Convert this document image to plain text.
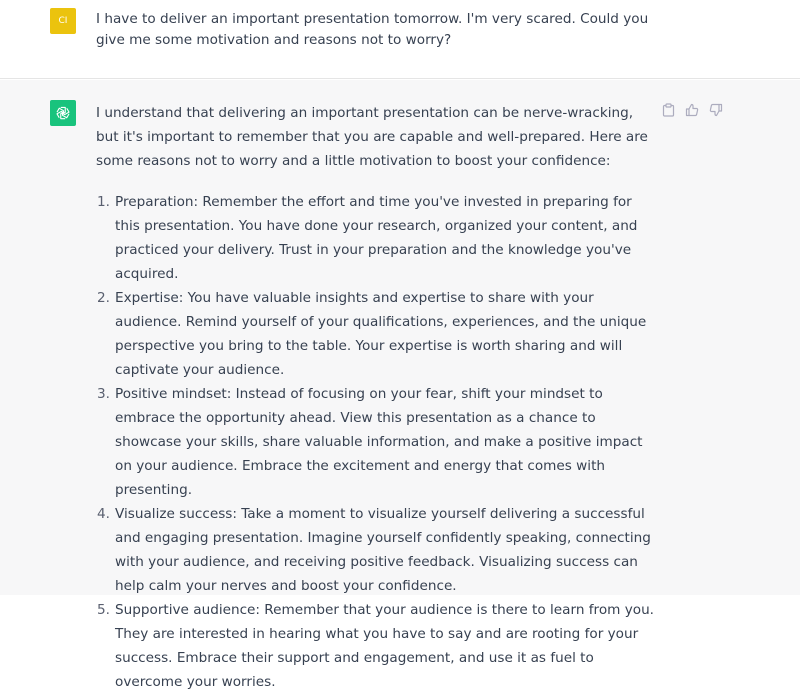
CI I have to deliver an important presentation tomorrow. I'm very scared. Could you give me some motivation and reasons not to worry?

I understand that delivering an important presentation can be nerve-wracking, but it's important to remember that you are capable and well-prepared. Here are some reasons not to worry and a little motivation to boost your confidence:

1. Preparation: Remember the effort and time you've invested in preparing for this presentation. You have done your research, organized your content, and practiced your delivery. Trust in your preparation and the knowledge you've acquired.
2. Expertise: You have valuable insights and expertise to share with your audience. Remind yourself of your qualifications, experiences, and the unique perspective you bring to the table. Your expertise is worth sharing and will captivate your audience.
3. Positive mindset: Instead of focusing on your fear, shift your mindset to embrace the opportunity ahead. View this presentation as a chance to showcase your skills, share valuable information, and make a positive impact on your audience. Embrace the excitement and energy that comes with presenting.
4. Visualize success: Take a moment to visualize yourself delivering a successful and engaging presentation. Imagine yourself confidently speaking, connecting with your audience, and receiving positive feedback. Visualizing success can help calm your nerves and boost your confidence.
5. Supportive audience: Remember that your audience is there to learn from you. They are interested in hearing what you have to say and are rooting for your success. Embrace their support and engagement, and use it as fuel to overcome your worries.
